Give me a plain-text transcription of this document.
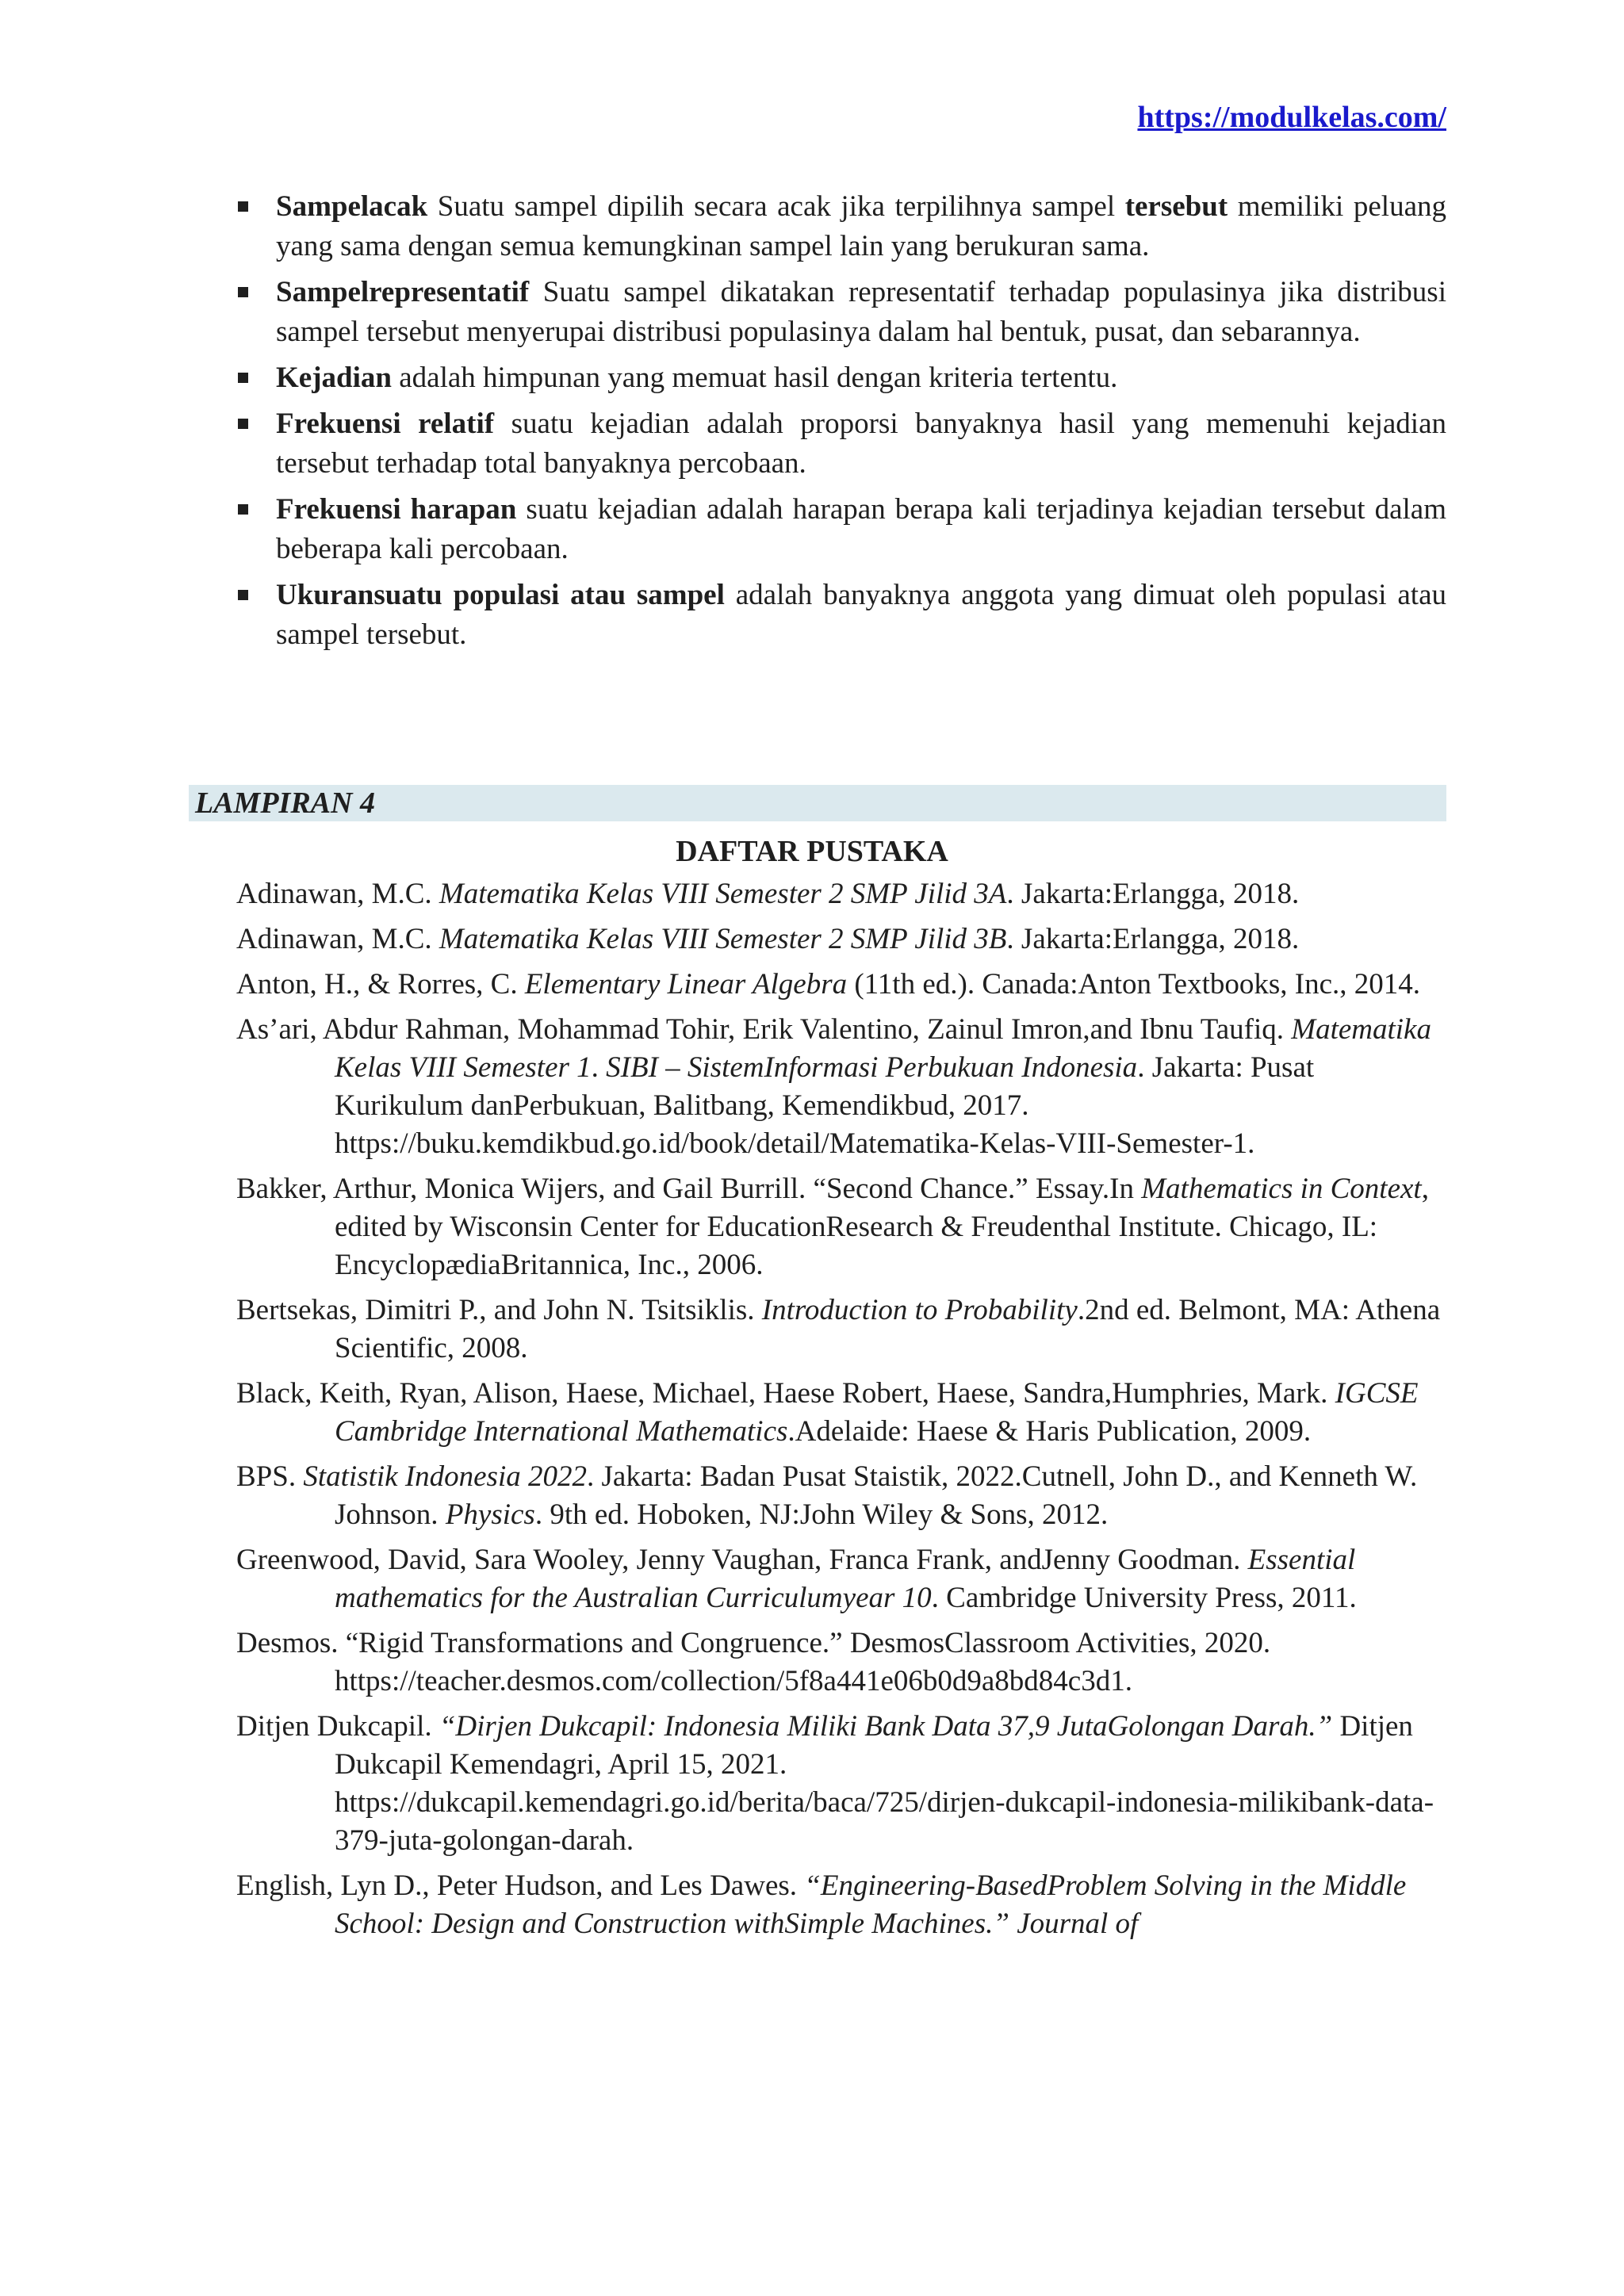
https://modulkelas.com/
Sampelacak Suatu sampel dipilih secara acak jika terpilihnya sampel tersebut memiliki peluang yang sama dengan semua kemungkinan sampel lain yang berukuran sama.
Sampelrepresentatif Suatu sampel dikatakan representatif terhadap populasinya jika distribusi sampel tersebut menyerupai distribusi populasinya dalam hal bentuk, pusat, dan sebarannya.
Kejadian adalah himpunan yang memuat hasil dengan kriteria tertentu.
Frekuensi relatif suatu kejadian adalah proporsi banyaknya hasil yang memenuhi kejadian tersebut terhadap total banyaknya percobaan.
Frekuensi harapan suatu kejadian adalah harapan berapa kali terjadinya kejadian tersebut dalam beberapa kali percobaan.
Ukuransuatu populasi atau sampel adalah banyaknya anggota yang dimuat oleh populasi atau sampel tersebut.
LAMPIRAN 4
DAFTAR PUSTAKA
Adinawan, M.C. Matematika Kelas VIII Semester 2 SMP Jilid 3A. Jakarta:Erlangga, 2018.
Adinawan, M.C. Matematika Kelas VIII Semester 2 SMP Jilid 3B. Jakarta:Erlangga, 2018.
Anton, H., & Rorres, C. Elementary Linear Algebra (11th ed.). Canada:Anton Textbooks, Inc., 2014.
As’ari, Abdur Rahman, Mohammad Tohir, Erik Valentino, Zainul Imron,and Ibnu Taufiq. Matematika Kelas VIII Semester 1. SIBI – SistemInformasi Perbukuan Indonesia. Jakarta: Pusat Kurikulum danPerbukuan, Balitbang, Kemendikbud, 2017. https://buku.kemdikbud.go.id/book/detail/Matematika-Kelas-VIII-Semester-1.
Bakker, Arthur, Monica Wijers, and Gail Burrill. “Second Chance.” Essay.In Mathematics in Context, edited by Wisconsin Center for EducationResearch & Freudenthal Institute. Chicago, IL: EncyclopædiaBritannica, Inc., 2006.
Bertsekas, Dimitri P., and John N. Tsitsiklis. Introduction to Probability.2nd ed. Belmont, MA: Athena Scientific, 2008.
Black, Keith, Ryan, Alison, Haese, Michael, Haese Robert, Haese, Sandra,Humphries, Mark. IGCSE Cambridge International Mathematics.Adelaide: Haese & Haris Publication, 2009.
BPS. Statistik Indonesia 2022. Jakarta: Badan Pusat Staistik, 2022.Cutnell, John D., and Kenneth W. Johnson. Physics. 9th ed. Hoboken, NJ:John Wiley & Sons, 2012.
Greenwood, David, Sara Wooley, Jenny Vaughan, Franca Frank, andJenny Goodman. Essential mathematics for the Australian Curriculumyear 10. Cambridge University Press, 2011.
Desmos. “Rigid Transformations and Congruence.” DesmosClassroom Activities, 2020. https://teacher.desmos.com/collection/5f8a441e06b0d9a8bd84c3d1.
Ditjen Dukcapil. “Dirjen Dukcapil: Indonesia Miliki Bank Data 37,9 JutaGolongan Darah.” Ditjen Dukcapil Kemendagri, April 15, 2021. https://dukcapil.kemendagri.go.id/berita/baca/725/dirjen-dukcapil-indonesia-milikibank-data-379-juta-golongan-darah.
English, Lyn D., Peter Hudson, and Les Dawes. “Engineering-BasedProblem Solving in the Middle School: Design and Construction withSimple Machines.” Journal of
